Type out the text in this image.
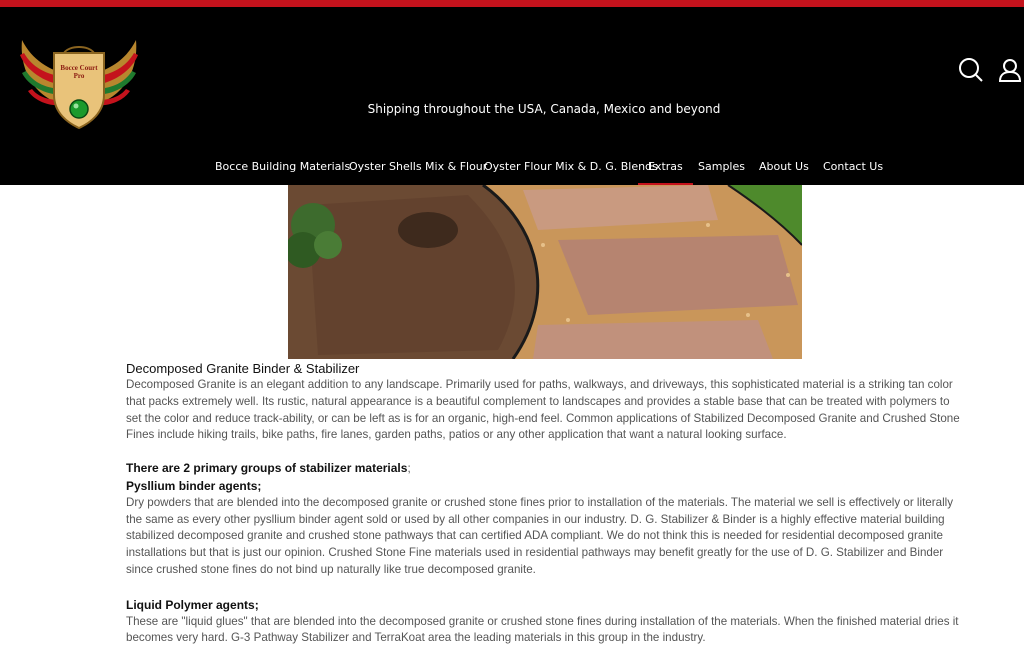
Bocce Court
Pro
Shipping throughout the USA, Canada, Mexico and beyond
Bocce Building Materials
Oyster Shells Mix & Flour
Oyster Flour Mix & D. G. Blends
Extras Samples About Us Contact Us
Decomposed Granite Binder & Stabilizer

Decomposed Granite is an elegant addition to any landscape. Primarily used for paths, walkways, and driveways, this sophisticated material is a striking tan color that packs extremely well. Its rustic, natural appearance is a beautiful complement to landscapes and provides a stable base that can be treated with polymers to set the color and reduce track-ability, or can be left as is for an organic, high-end feel. Common applications of Stabilized Decomposed Granite and Crushed Stone Fines include hiking trails, bike paths, fire lanes, garden paths, patios or any other application that want a natural looking surface.

There are 2 primary groups of stabilizer materials;

Pysllium binder agents;

Dry powders that are blended into the decomposed granite or crushed stone fines prior to installation of the materials. The material we sell is effectively or literally the same as every other pysllium binder agent sold or used by all other companies in our industry. D. G. Stabilizer & Binder is a highly effective material building stabilized decomposed granite and crushed stone pathways that can certified ADA compliant. We do not think this is needed for residential decomposed granite installations but that is just our opinion. Crushed Stone Fine materials used in residential pathways may benefit greatly for the use of D. G. Stabilizer and Binder since crushed stone fines do not bind up naturally like true decomposed granite.

Liquid Polymer agents;

These are "liquid glues" that are blended into the decomposed granite or crushed stone fines during installation of the materials. When the finished material dries it becomes very hard. G-3 Pathway Stabilizer and TerraKoat area the leading materials in this group in the industry.
